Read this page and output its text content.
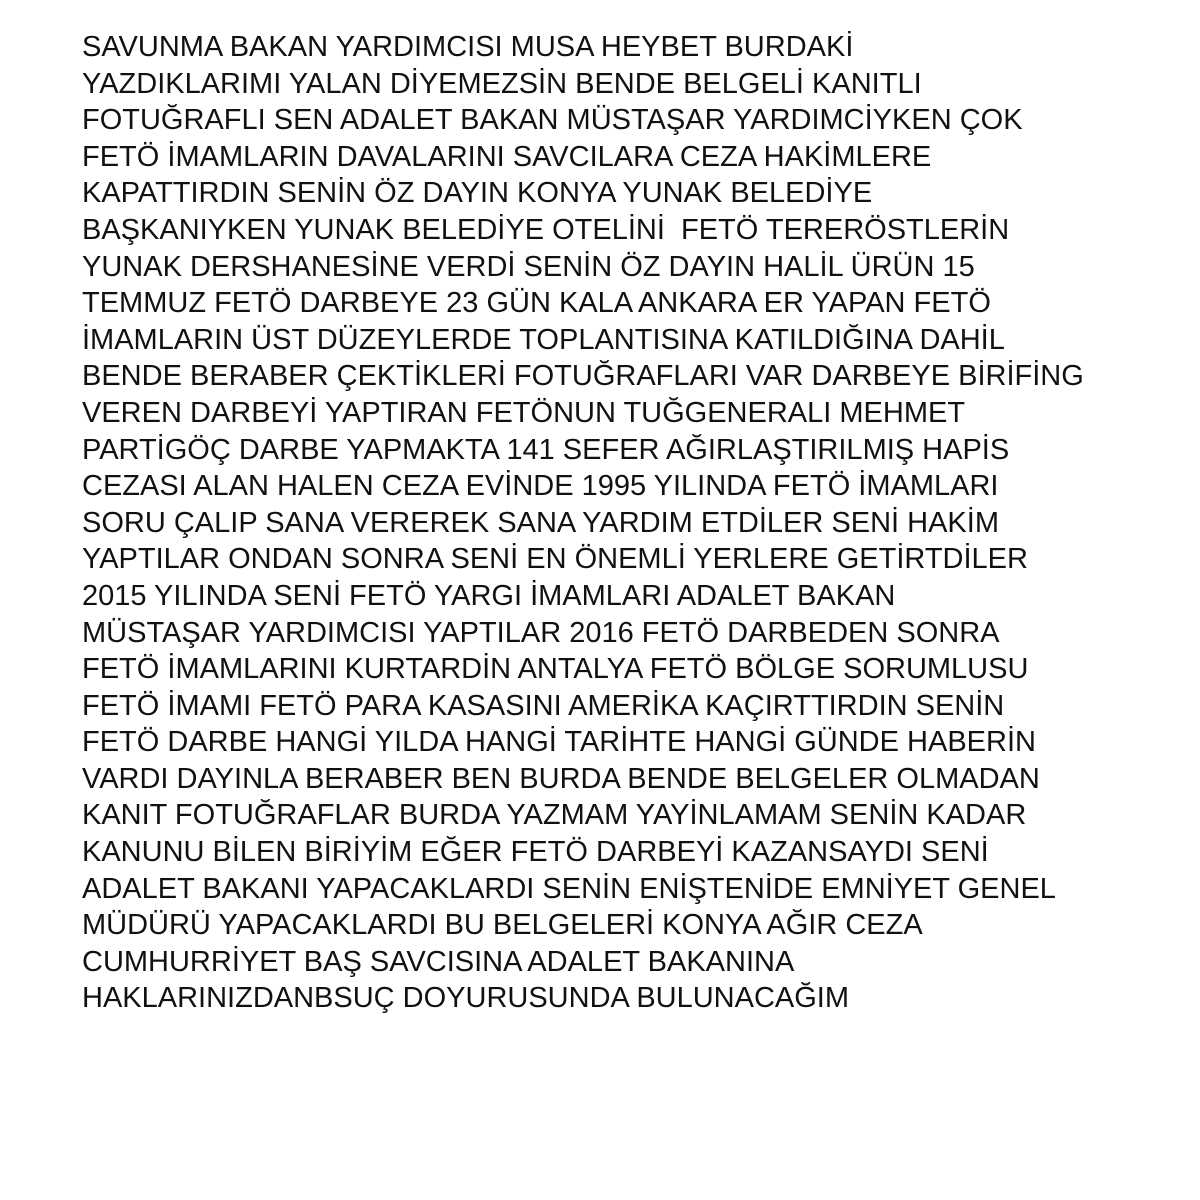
SAVUNMA BAKAN YARDIMCISI MUSA HEYBET BURDAKİ
YAZDIKLARIMI YALAN DİYEMEZSİN BENDE BELGELİ KANITLI
FOTUĞRAFLI SEN ADALET BAKAN MÜSTAŞAR YARDIMCİYKEN ÇOK
FETÖ İMAMLARIN DAVALARINI SAVCILARA CEZA HAKİMLERE
KAPATTIRDIN SENİN ÖZ DAYIN KONYA YUNAK BELEDİYE
BAŞKANIYKEN YUNAK BELEDİYE OTELİNİ  FETÖ TERERÖSTLERİN
YUNAK DERSHANESİNE VERDİ SENİN ÖZ DAYIN HALİL ÜRÜN 15
TEMMUZ FETÖ DARBEYE 23 GÜN KALA ANKARA ER YAPAN FETÖ
İMAMLARIN ÜST DÜZEYLERDE TOPLANTISINA KATILDIĞINA DAHİL
BENDE BERABER ÇEKTİKLERİ FOTUĞRAFLARI VAR DARBEYE BİRİFİNG
VEREN DARBEYİ YAPTIRAN FETÖNUN TUĞGENERALI MEHMET
PARTİGÖÇ DARBE YAPMAKTA 141 SEFER AĞIRLAŞTIRILMIŞ HAPİS
CEZASI ALAN HALEN CEZA EVİNDE 1995 YILINDA FETÖ İMAMLARI
SORU ÇALIP SANA VEREREK SANA YARDIM ETDİLER SENİ HAKİM
YAPTILAR ONDAN SONRA SENİ EN ÖNEMLİ YERLERE GETİRTDİLER
2015 YILINDA SENİ FETÖ YARGI İMAMLARI ADALET BAKAN
MÜSTAŞAR YARDIMCISI YAPTILAR 2016 FETÖ DARBEDEN SONRA
FETÖ İMAMLARINI KURTARDİN ANTALYA FETÖ BÖLGE SORUMLUSU
FETÖ İMAMI FETÖ PARA KASASINI AMERİKA KAÇIRTTIRDIN SENİN
FETÖ DARBE HANGİ YILDA HANGİ TARİHTE HANGİ GÜNDE HABERİN
VARDI DAYINLA BERABER BEN BURDA BENDE BELGELER OLMADAN
KANIT FOTUĞRAFLAR BURDA YAZMAM YAYİNLAMAM SENİN KADAR
KANUNU BİLEN BİRİYİM EĞER FETÖ DARBEYİ KAZANSAYDI SENİ
ADALET BAKANI YAPACAKLARDI SENİN ENİŞTENİDE EMNİYET GENEL
MÜDÜRÜ YAPACAKLARDI BU BELGELERİ KONYA AĞIR CEZA
CUMHURRİYET BAŞ SAVCISINA ADALET BAKANINA
HAKLARINIZDANBSUÇ DOYURUSUNDA BULUNACAĞIM
